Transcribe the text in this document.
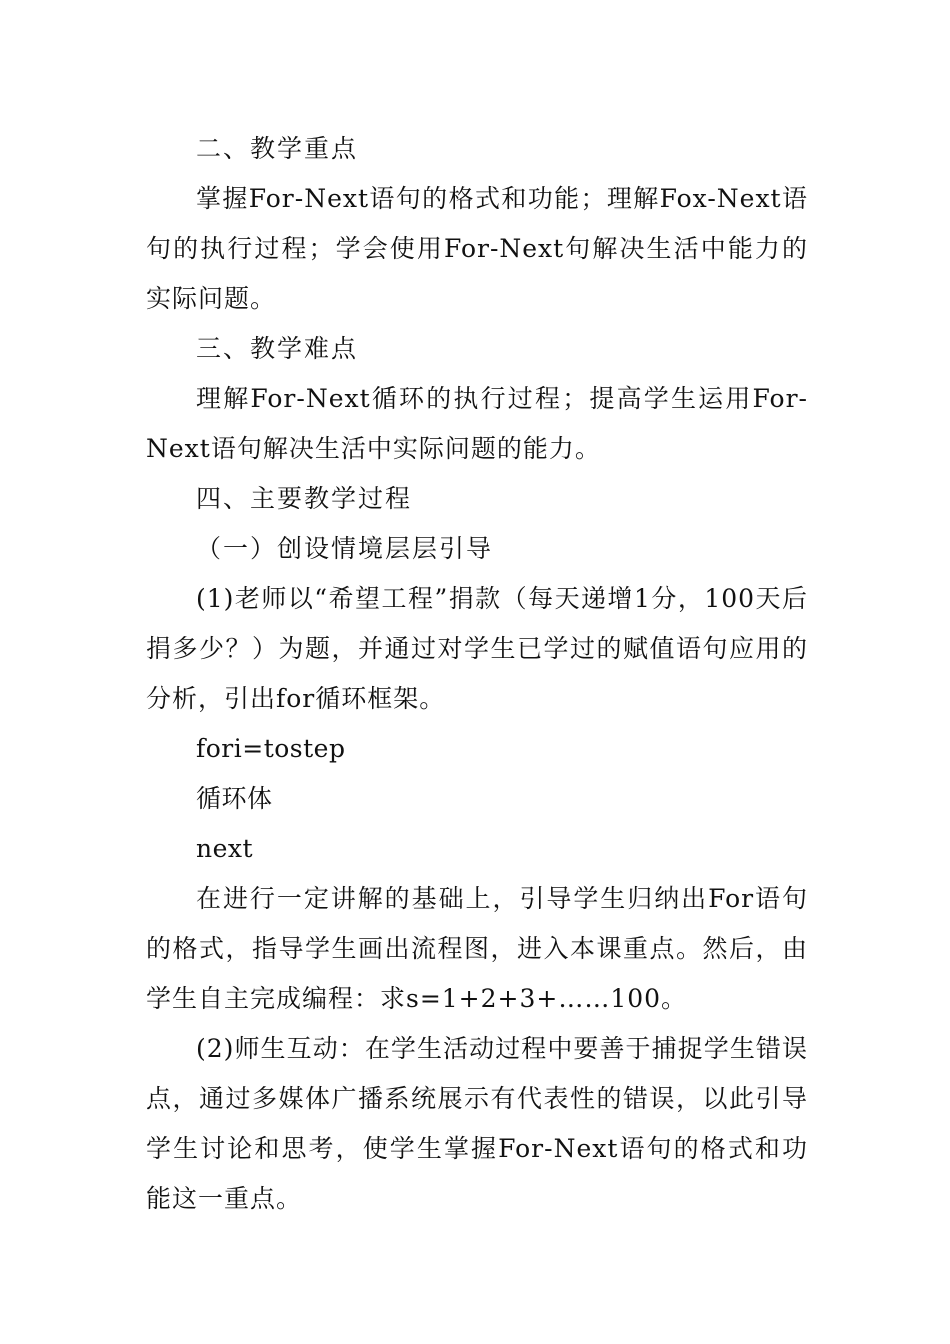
二、教学重点

掌握For-Next语句的格式和功能；理解Fox-Next语句的执行过程；学会使用For-Next句解决生活中能力的实际问题。

三、教学难点

理解For-Next循环的执行过程；提高学生运用For-Next语句解决生活中实际问题的能力。

四、主要教学过程

（一）创设情境层层引导

(1)老师以“希望工程”捐款（每天递增1分，100天后捐多少？）为题，并通过对学生已学过的赋值语句应用的分析，引出for循环框架。

fori=tostep

循环体

next

在进行一定讲解的基础上，引导学生归纳出For语句的格式，指导学生画出流程图，进入本课重点。然后，由学生自主完成编程：求s=1+2+3+……100。

(2)师生互动：在学生活动过程中要善于捕捉学生错误点，通过多媒体广播系统展示有代表性的错误，以此引导学生讨论和思考，使学生掌握For-Next语句的格式和功能这一重点。
